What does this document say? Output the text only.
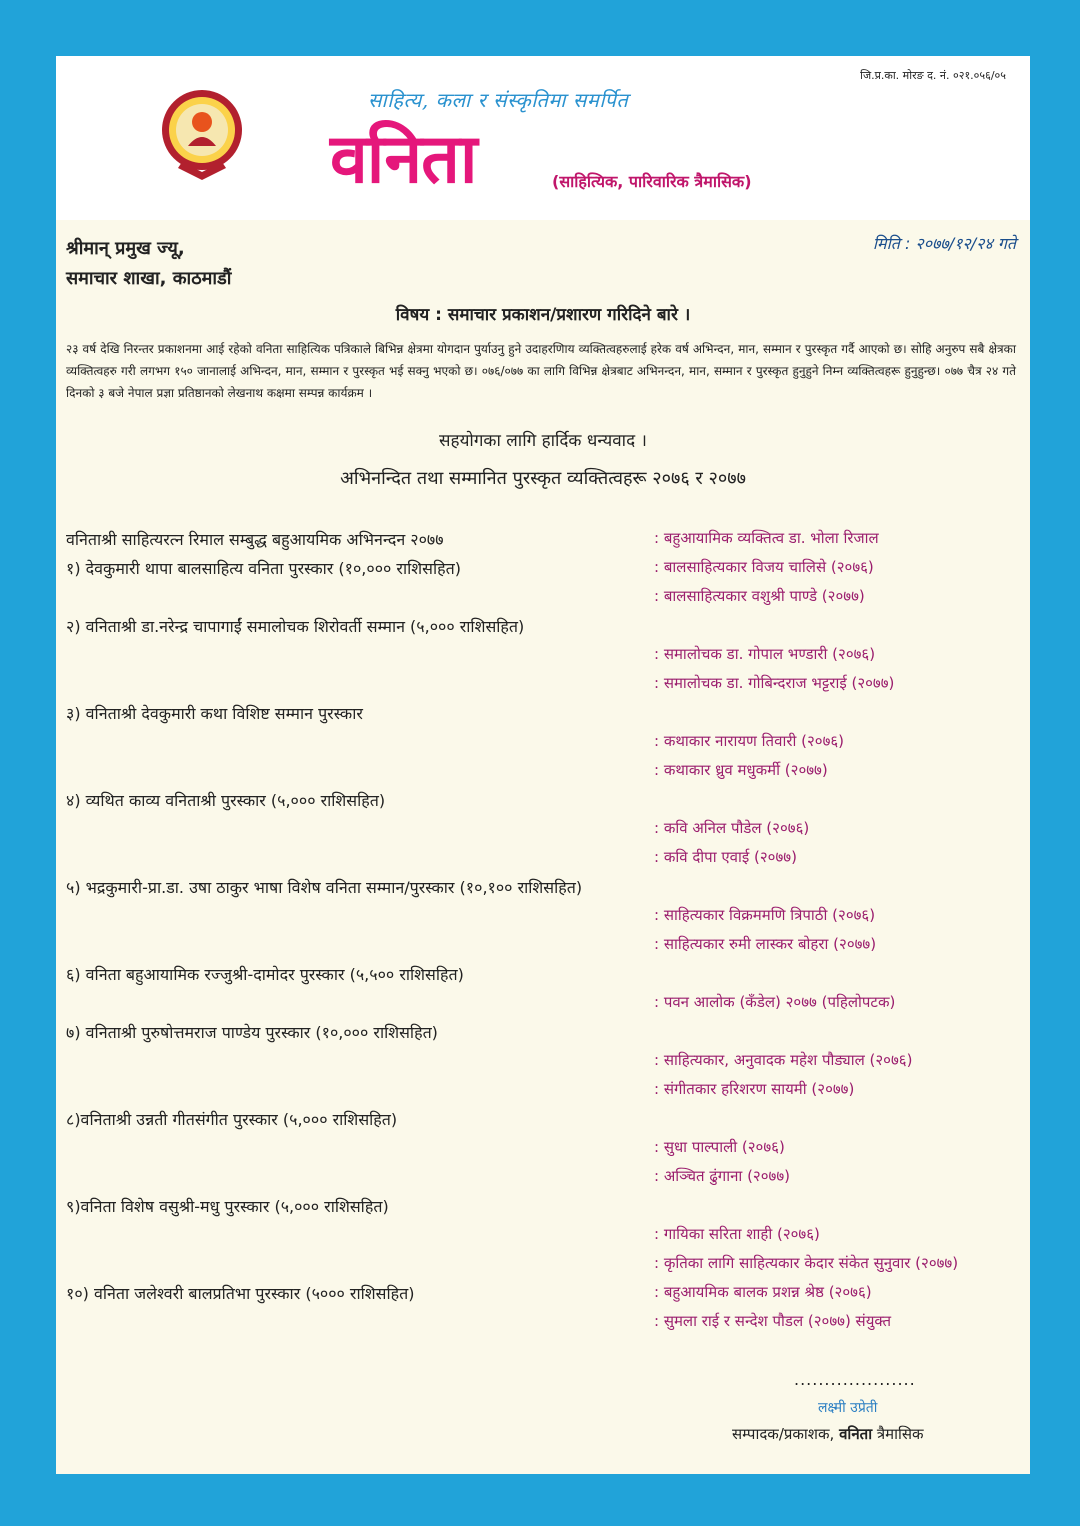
जि.प्र.का. मोरङ द. नं. ०२१.०५६/०५
साहित्य, कला र संस्कृतिमा समर्पित
वनिता	(साहित्यिक, पारिवारिक त्रैमासिक)
श्रीमान् प्रमुख ज्यू,
समाचार शाखा, काठमाडौं
मिति : २०७७/१२/२४ गते
विषय : समाचार प्रकाशन/प्रशारण गरिदिने बारे ।
२३ वर्ष देखि निरन्तर प्रकाशनमा आई रहेको वनिता साहित्यिक पत्रिकाले बिभिन्न क्षेत्रमा योगदान पुर्याउनु हुने उदाहरणिाय व्यक्तित्वहरुलाई हरेक वर्ष अभिन्दन, मान, सम्मान र पुरस्कृत गर्दै आएको छ। सोहि अनुरुप सबै क्षेत्रका व्यक्तित्वहरु गरी लगभग १५० जानालाई अभिन्दन, मान, सम्मान र पुरस्कृत भई सक्नु भएको छ। ०७६/०७७ का लागि विभिन्न क्षेत्रबाट अभिनन्दन, मान, सम्मान र पुरस्कृत हुनुहुने निम्न व्यक्तित्वहरू हुनुहुन्छ। ०७७ चैत्र २४ गते दिनको ३ बजे नेपाल प्रज्ञा प्रतिष्ठानको लेखनाथ कक्षमा सम्पन्न कार्यक्रम ।
सहयोगका लागि हार्दिक धन्यवाद ।
अभिनन्दित तथा सम्मानित पुरस्कृत व्यक्तित्वहरू २०७६ र २०७७
वनिताश्री साहित्यरत्न रिमाल सम्बुद्ध बहुआयमिक अभिनन्दन २०७७
१) देवकुमारी थापा बालसाहित्य वनिता पुरस्कार (१०,००० राशिसहित)
२) वनिताश्री डा.नरेन्द्र चापागाईं समालोचक शिरोवर्ती सम्मान (५,००० राशिसहित)
३) वनिताश्री देवकुमारी कथा विशिष्ट सम्मान पुरस्कार
४) व्यथित काव्य वनिताश्री पुरस्कार (५,००० राशिसहित)
५) भद्रकुमारी-प्रा.डा. उषा ठाकुर भाषा विशेष वनिता सम्मान/पुरस्कार (१०,१०० राशिसहित)
६) वनिता बहुआयामिक रज्जुश्री-दामोदर पुरस्कार (५,५०० राशिसहित)
७) वनिताश्री पुरुषोत्तमराज पाण्डेय पुरस्कार (१०,००० राशिसहित)
८)वनिताश्री उन्नती गीतसंगीत पुरस्कार (५,००० राशिसहित)
९)वनिता विशेष वसुश्री-मधु पुरस्कार (५,००० राशिसहित)
१०) वनिता जलेश्वरी बालप्रतिभा पुरस्कार (५००० राशिसहित)
: बहुआयामिक व्यक्तित्व डा. भोला रिजाल
: बालसाहित्यकार विजय चालिसे (२०७६)
: बालसाहित्यकार वशुश्री पाण्डे (२०७७)
: समालोचक डा. गोपाल भण्डारी (२०७६)
: समालोचक डा. गोबिन्दराज भट्टराई (२०७७)
: कथाकार नारायण तिवारी (२०७६)
: कथाकार ध्रुव मधुकर्मी (२०७७)
: कवि अनिल पौडेल (२०७६)
: कवि दीपा एवाई (२०७७)
: साहित्यकार विक्रममणि त्रिपाठी (२०७६)
: साहित्यकार रुमी लास्कर बोहरा (२०७७)
: पवन आलोक (कँडेल) २०७७ (पहिलोपटक)
: साहित्यकार, अनुवादक महेश पौड्याल (२०७६)
: संगीतकार हरिशरण सायमी (२०७७)
: सुधा पाल्पाली (२०७६)
: अञ्चित ढुंगाना (२०७७)
: गायिका सरिता शाही (२०७६)
: कृतिका लागि साहित्यकार केदार संकेत सुनुवार (२०७७)
: बहुआयमिक बालक प्रशन्न श्रेष्ठ (२०७६)
: सुमला राई र सन्देश पौडल (२०७७) संयुक्त
....................
लक्ष्मी उप्रेती
सम्पादक/प्रकाशक, वनिता त्रैमासिक
